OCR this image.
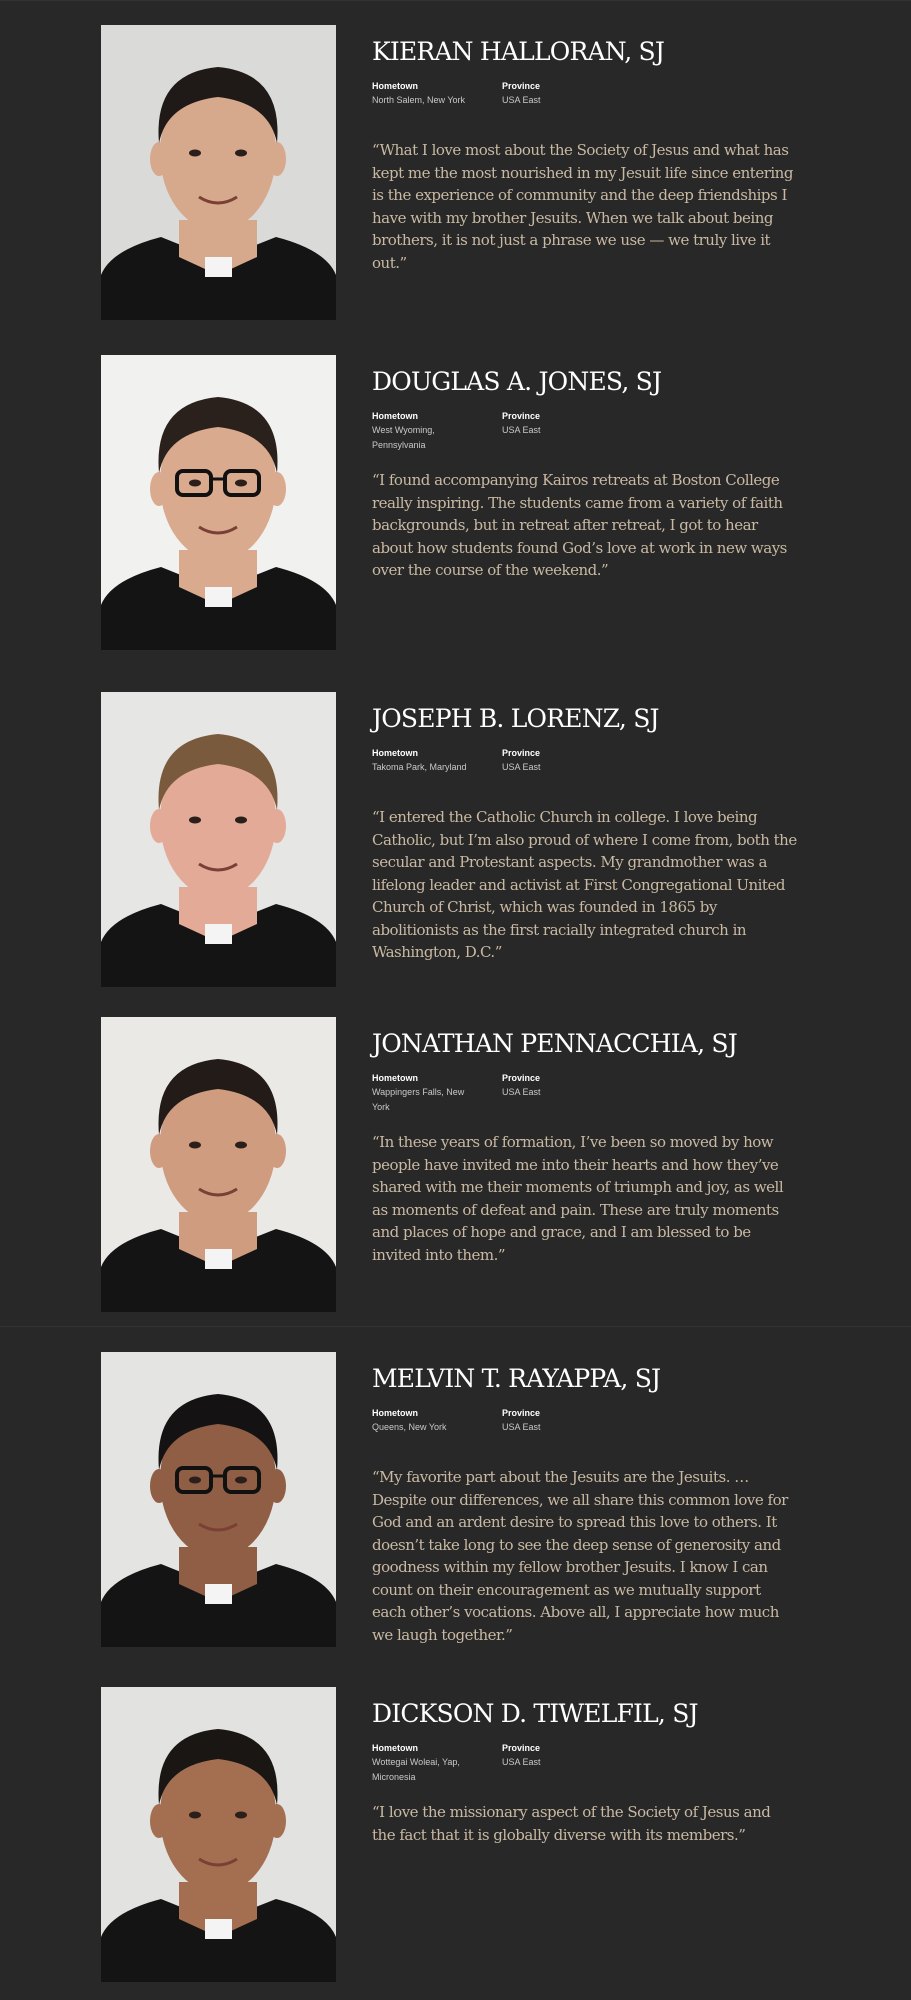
KIERAN HALLORAN, SJ
Hometown
North Salem, New York
Province
USA East

“What I love most about the Society of Jesus and what has kept me the most nourished in my Jesuit life since entering is the experience of community and the deep friendships I have with my brother Jesuits. When we talk about being brothers, it is not just a phrase we use — we truly live it out.”

DOUGLAS A. JONES, SJ
Hometown
West Wyoming, Pennsylvania
Province
USA East

“I found accompanying Kairos retreats at Boston College really inspiring. The students came from a variety of faith backgrounds, but in retreat after retreat, I got to hear about how students found God’s love at work in new ways over the course of the weekend.”

JOSEPH B. LORENZ, SJ
Hometown
Takoma Park, Maryland
Province
USA East

“I entered the Catholic Church in college. I love being Catholic, but I’m also proud of where I come from, both the secular and Protestant aspects. My grandmother was a lifelong leader and activist at First Congregational United Church of Christ, which was founded in 1865 by abolitionists as the first racially integrated church in Washington, D.C.”

JONATHAN PENNACCHIA, SJ
Hometown
Wappingers Falls, New York
Province
USA East

“In these years of formation, I’ve been so moved by how people have invited me into their hearts and how they’ve shared with me their moments of triumph and joy, as well as moments of defeat and pain. These are truly moments and places of hope and grace, and I am blessed to be invited into them.”

MELVIN T. RAYAPPA, SJ
Hometown
Queens, New York
Province
USA East

“My favorite part about the Jesuits are the Jesuits. … Despite our differences, we all share this common love for God and an ardent desire to spread this love to others. It doesn’t take long to see the deep sense of generosity and goodness within my fellow brother Jesuits. I know I can count on their encouragement as we mutually support each other’s vocations. Above all, I appreciate how much we laugh together.”

DICKSON D. TIWELFIL, SJ
Hometown
Wottegai Woleai, Yap, Micronesia
Province
USA East

“I love the missionary aspect of the Society of Jesus and the fact that it is globally diverse with its members.”
